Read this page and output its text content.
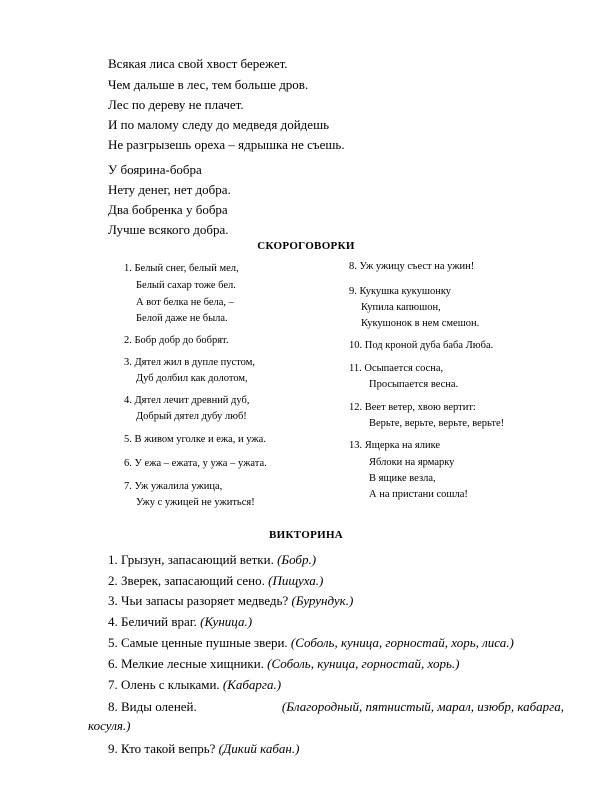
Всякая лиса свой хвост бережет.
Чем дальше в лес, тем больше дров.
Лес по дереву не плачет.
И по малому следу до медведя дойдешь
Не разгрызешь ореха – ядрышка не съешь.
У боярина-бобра
Нету денег, нет добра.
Два бобренка у бобра
Лучше всякого добра.
СКОРОГОВОРКИ
1. Белый снег, белый мел,
Белый сахар тоже бел.
А вот белка не бела, –
Белой даже не была.
2. Бобр добр до бобрят.
3. Дятел жил в дупле пустом,
Дуб долбил как долотом,
4. Дятел лечит древний дуб,
Добрый дятел дубу люб!
5. В живом уголке и ежа, и ужа.
6. У ежа – ежата, у ужа – ужата.
7. Уж ужалила ужица,
Ужу с ужицей не ужиться!
8. Уж ужицу съест на ужин!
9. Кукушка кукушонку
Купила капюшон,
Кукушонок в нем смешон.
10. Под кроной дуба баба Люба.
11. Осыпается сосна,
Просыпается весна.
12. Веет ветер, хвою вертит:
Верьте, верьте, верьте, верьте!
13. Ящерка на ялике
Яблоки на ярмарку
В ящике везла,
А на пристани сошла!
ВИКТОРИНА
1. Грызун, запасающий ветки. (Бобр.)
2. Зверек, запасающий сено. (Пищуха.)
3. Чьи запасы разоряет медведь? (Бурундук.)
4. Беличий враг. (Куница.)
5. Самые ценные пушные звери. (Соболь, куница, горностай, хорь, лиса.)
6. Мелкие лесные хищники. (Соболь, куница, горностай, хорь.)
7. Олень с клыками. (Кабарга.)
8. Виды оленей.	(Благородный, пятнистый, марал, изюбр, кабарга,
косуля.)
9. Кто такой вепрь? (Дикий кабан.)
